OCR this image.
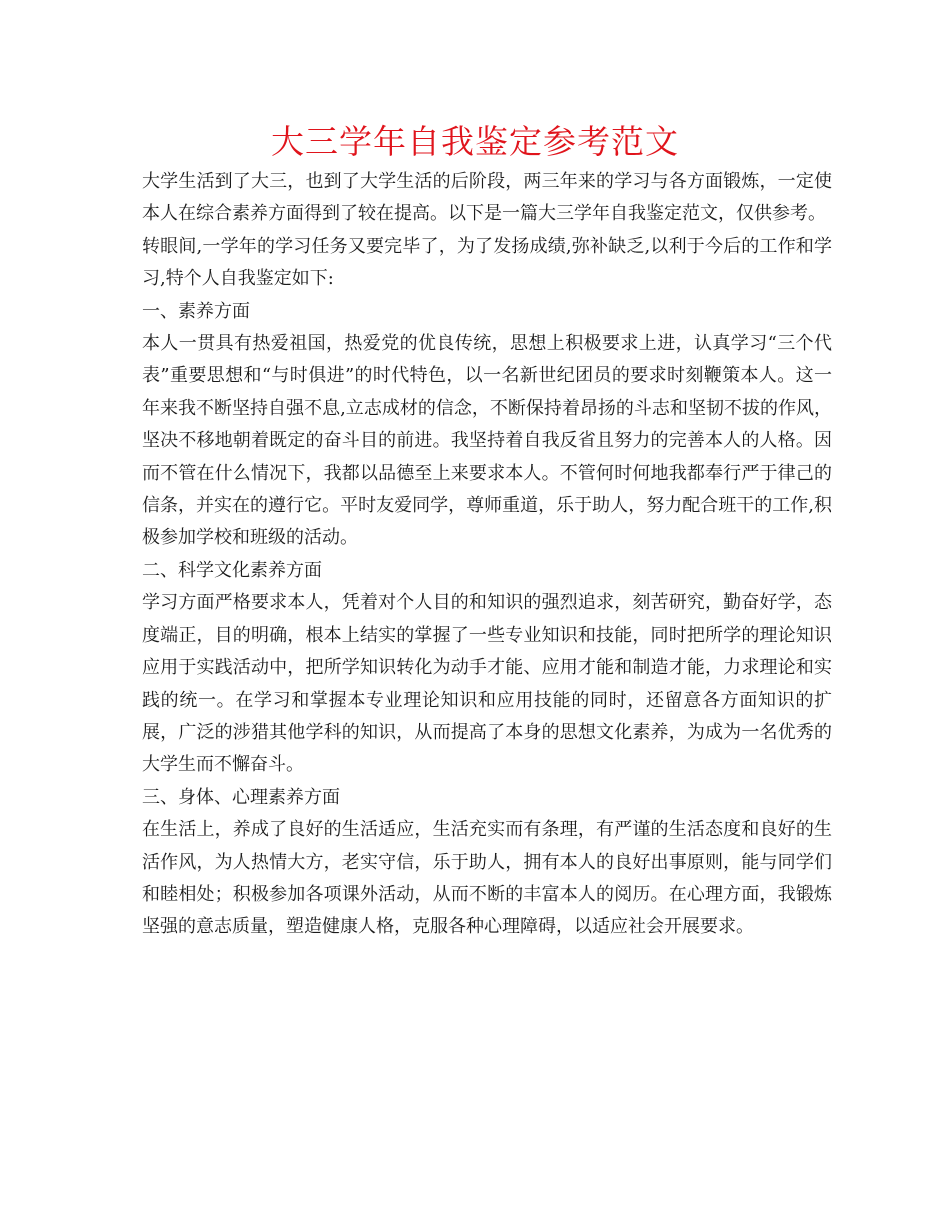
大三学年自我鉴定参考范文

大学生活到了大三，也到了大学生活的后阶段，两三年来的学习与各方面锻炼，一定使本人在综合素养方面得到了较在提高。以下是一篇大三学年自我鉴定范文，仅供参考。

转眼间,一学年的学习任务又要完毕了，为了发扬成绩,弥补缺乏,以利于今后的工作和学习,特个人自我鉴定如下:

一、素养方面

本人一贯具有热爱祖国，热爱党的优良传统，思想上积极要求上进，认真学习“三个代表”重要思想和“与时俱进”的时代特色，以一名新世纪团员的要求时刻鞭策本人。这一年来我不断坚持自强不息,立志成材的信念，不断保持着昂扬的斗志和坚韧不拔的作风，坚决不移地朝着既定的奋斗目的前进。我坚持着自我反省且努力的完善本人的人格。因而不管在什么情况下，我都以品德至上来要求本人。不管何时何地我都奉行严于律己的信条，并实在的遵行它。平时友爱同学，尊师重道，乐于助人，努力配合班干的工作,积极参加学校和班级的活动。

二、科学文化素养方面

学习方面严格要求本人，凭着对个人目的和知识的强烈追求，刻苦研究，勤奋好学，态度端正，目的明确，根本上结实的掌握了一些专业知识和技能，同时把所学的理论知识应用于实践活动中，把所学知识转化为动手才能、应用才能和制造才能，力求理论和实践的统一。在学习和掌握本专业理论知识和应用技能的同时，还留意各方面知识的扩展，广泛的涉猎其他学科的知识，从而提高了本身的思想文化素养，为成为一名优秀的大学生而不懈奋斗。

三、身体、心理素养方面

在生活上，养成了良好的生活适应，生活充实而有条理，有严谨的生活态度和良好的生活作风，为人热情大方，老实守信，乐于助人，拥有本人的良好出事原则，能与同学们和睦相处；积极参加各项课外活动，从而不断的丰富本人的阅历。在心理方面，我锻炼坚强的意志质量，塑造健康人格，克服各种心理障碍，以适应社会开展要求。
